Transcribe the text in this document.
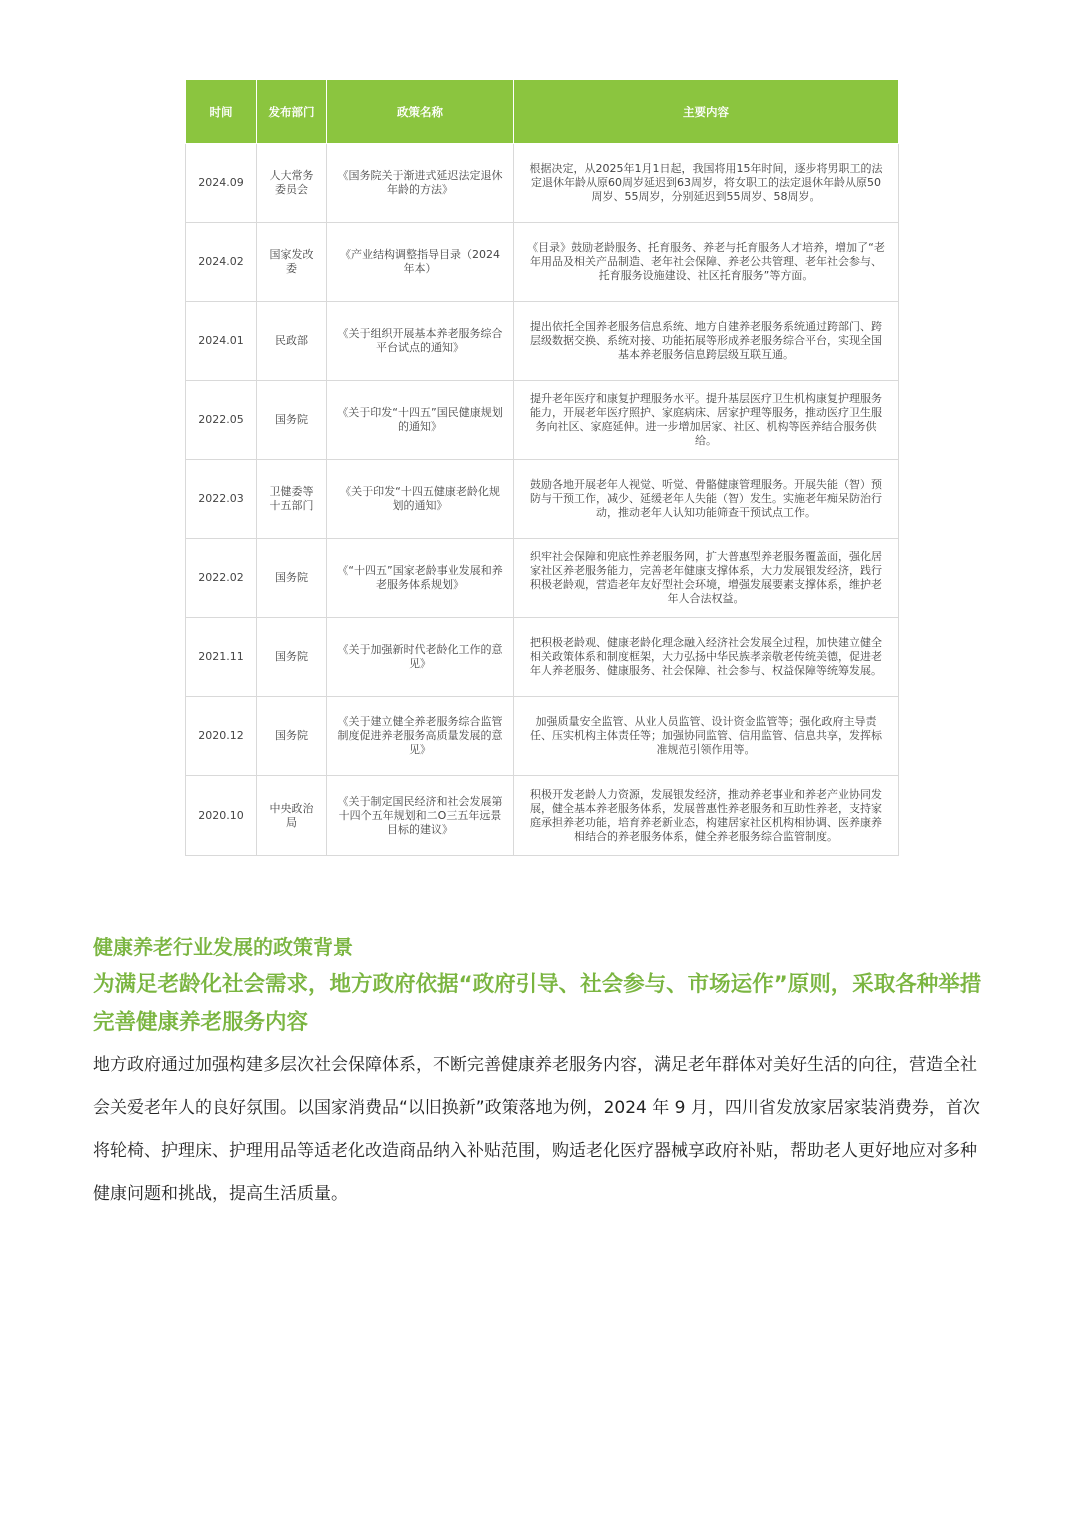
时间	发布部门	政策名称	主要内容
2024.09	人大常务委员会	《国务院关于渐进式延迟法定退休年龄的方法》	根据决定，从2025年1月1日起，我国将用15年时间，逐步将男职工的法定退休年龄从原60周岁延迟到63周岁，将女职工的法定退休年龄从原50周岁、55周岁，分别延迟到55周岁、58周岁。
2024.02	国家发改委	《产业结构调整指导目录（2024年本）	《目录》鼓励老龄服务、托育服务、养老与托育服务人才培养，增加了“老年用品及相关产品制造、老年社会保障、养老公共管理、老年社会参与、托育服务设施建设、社区托育服务”等方面。
2024.01	民政部	《关于组织开展基本养老服务综合平台试点的通知》	提出依托全国养老服务信息系统、地方自建养老服务系统通过跨部门、跨层级数据交换、系统对接、功能拓展等形成养老服务综合平台，实现全国基本养老服务信息跨层级互联互通。
2022.05	国务院	《关于印发“十四五”国民健康规划的通知》	提升老年医疗和康复护理服务水平。提升基层医疗卫生机构康复护理服务能力，开展老年医疗照护、家庭病床、居家护理等服务，推动医疗卫生服务向社区、家庭延伸。进一步增加居家、社区、机构等医养结合服务供给。
2022.03	卫健委等十五部门	《关于印发“十四五健康老龄化规划的通知》	鼓励各地开展老年人视觉、听觉、骨骼健康管理服务。开展失能（智）预防与干预工作，减少、延缓老年人失能（智）发生。实施老年痴呆防治行动，推动老年人认知功能筛查干预试点工作。
2022.02	国务院	《“十四五”国家老龄事业发展和养老服务体系规划》	织牢社会保障和兜底性养老服务网，扩大普惠型养老服务覆盖面，强化居家社区养老服务能力，完善老年健康支撑体系，大力发展银发经济，践行积极老龄观，营造老年友好型社会环境，增强发展要素支撑体系，维护老年人合法权益。
2021.11	国务院	《关于加强新时代老龄化工作的意见》	把积极老龄观、健康老龄化理念融入经济社会发展全过程，加快建立健全相关政策体系和制度框架，大力弘扬中华民族孝亲敬老传统美德，促进老年人养老服务、健康服务、社会保障、社会参与、权益保障等统筹发展。
2020.12	国务院	《关于建立健全养老服务综合监管制度促进养老服务高质量发展的意见》	加强质量安全监管、从业人员监管、设计资金监管等；强化政府主导责任、压实机构主体责任等；加强协同监管、信用监管、信息共享，发挥标准规范引领作用等。
2020.10	中央政治局	《关于制定国民经济和社会发展第十四个五年规划和二O三五年远景目标的建议》	积极开发老龄人力资源，发展银发经济，推动养老事业和养老产业协同发展，健全基本养老服务体系，发展普惠性养老服务和互助性养老，支持家庭承担养老功能，培育养老新业态，构建居家社区机构相协调、医养康养相结合的养老服务体系，健全养老服务综合监管制度。

健康养老行业发展的政策背景

为满足老龄化社会需求，地方政府依据“政府引导、社会参与、市场运作”原则，采取各种举措完善健康养老服务内容

地方政府通过加强构建多层次社会保障体系，不断完善健康养老服务内容，满足老年群体对美好生活的向往，营造全社会关爱老年人的良好氛围。以国家消费品“以旧换新”政策落地为例，2024 年 9 月，四川省发放家居家装消费券，首次将轮椅、护理床、护理用品等适老化改造商品纳入补贴范围，购适老化医疗器械享政府补贴，帮助老人更好地应对多种健康问题和挑战，提高生活质量。
